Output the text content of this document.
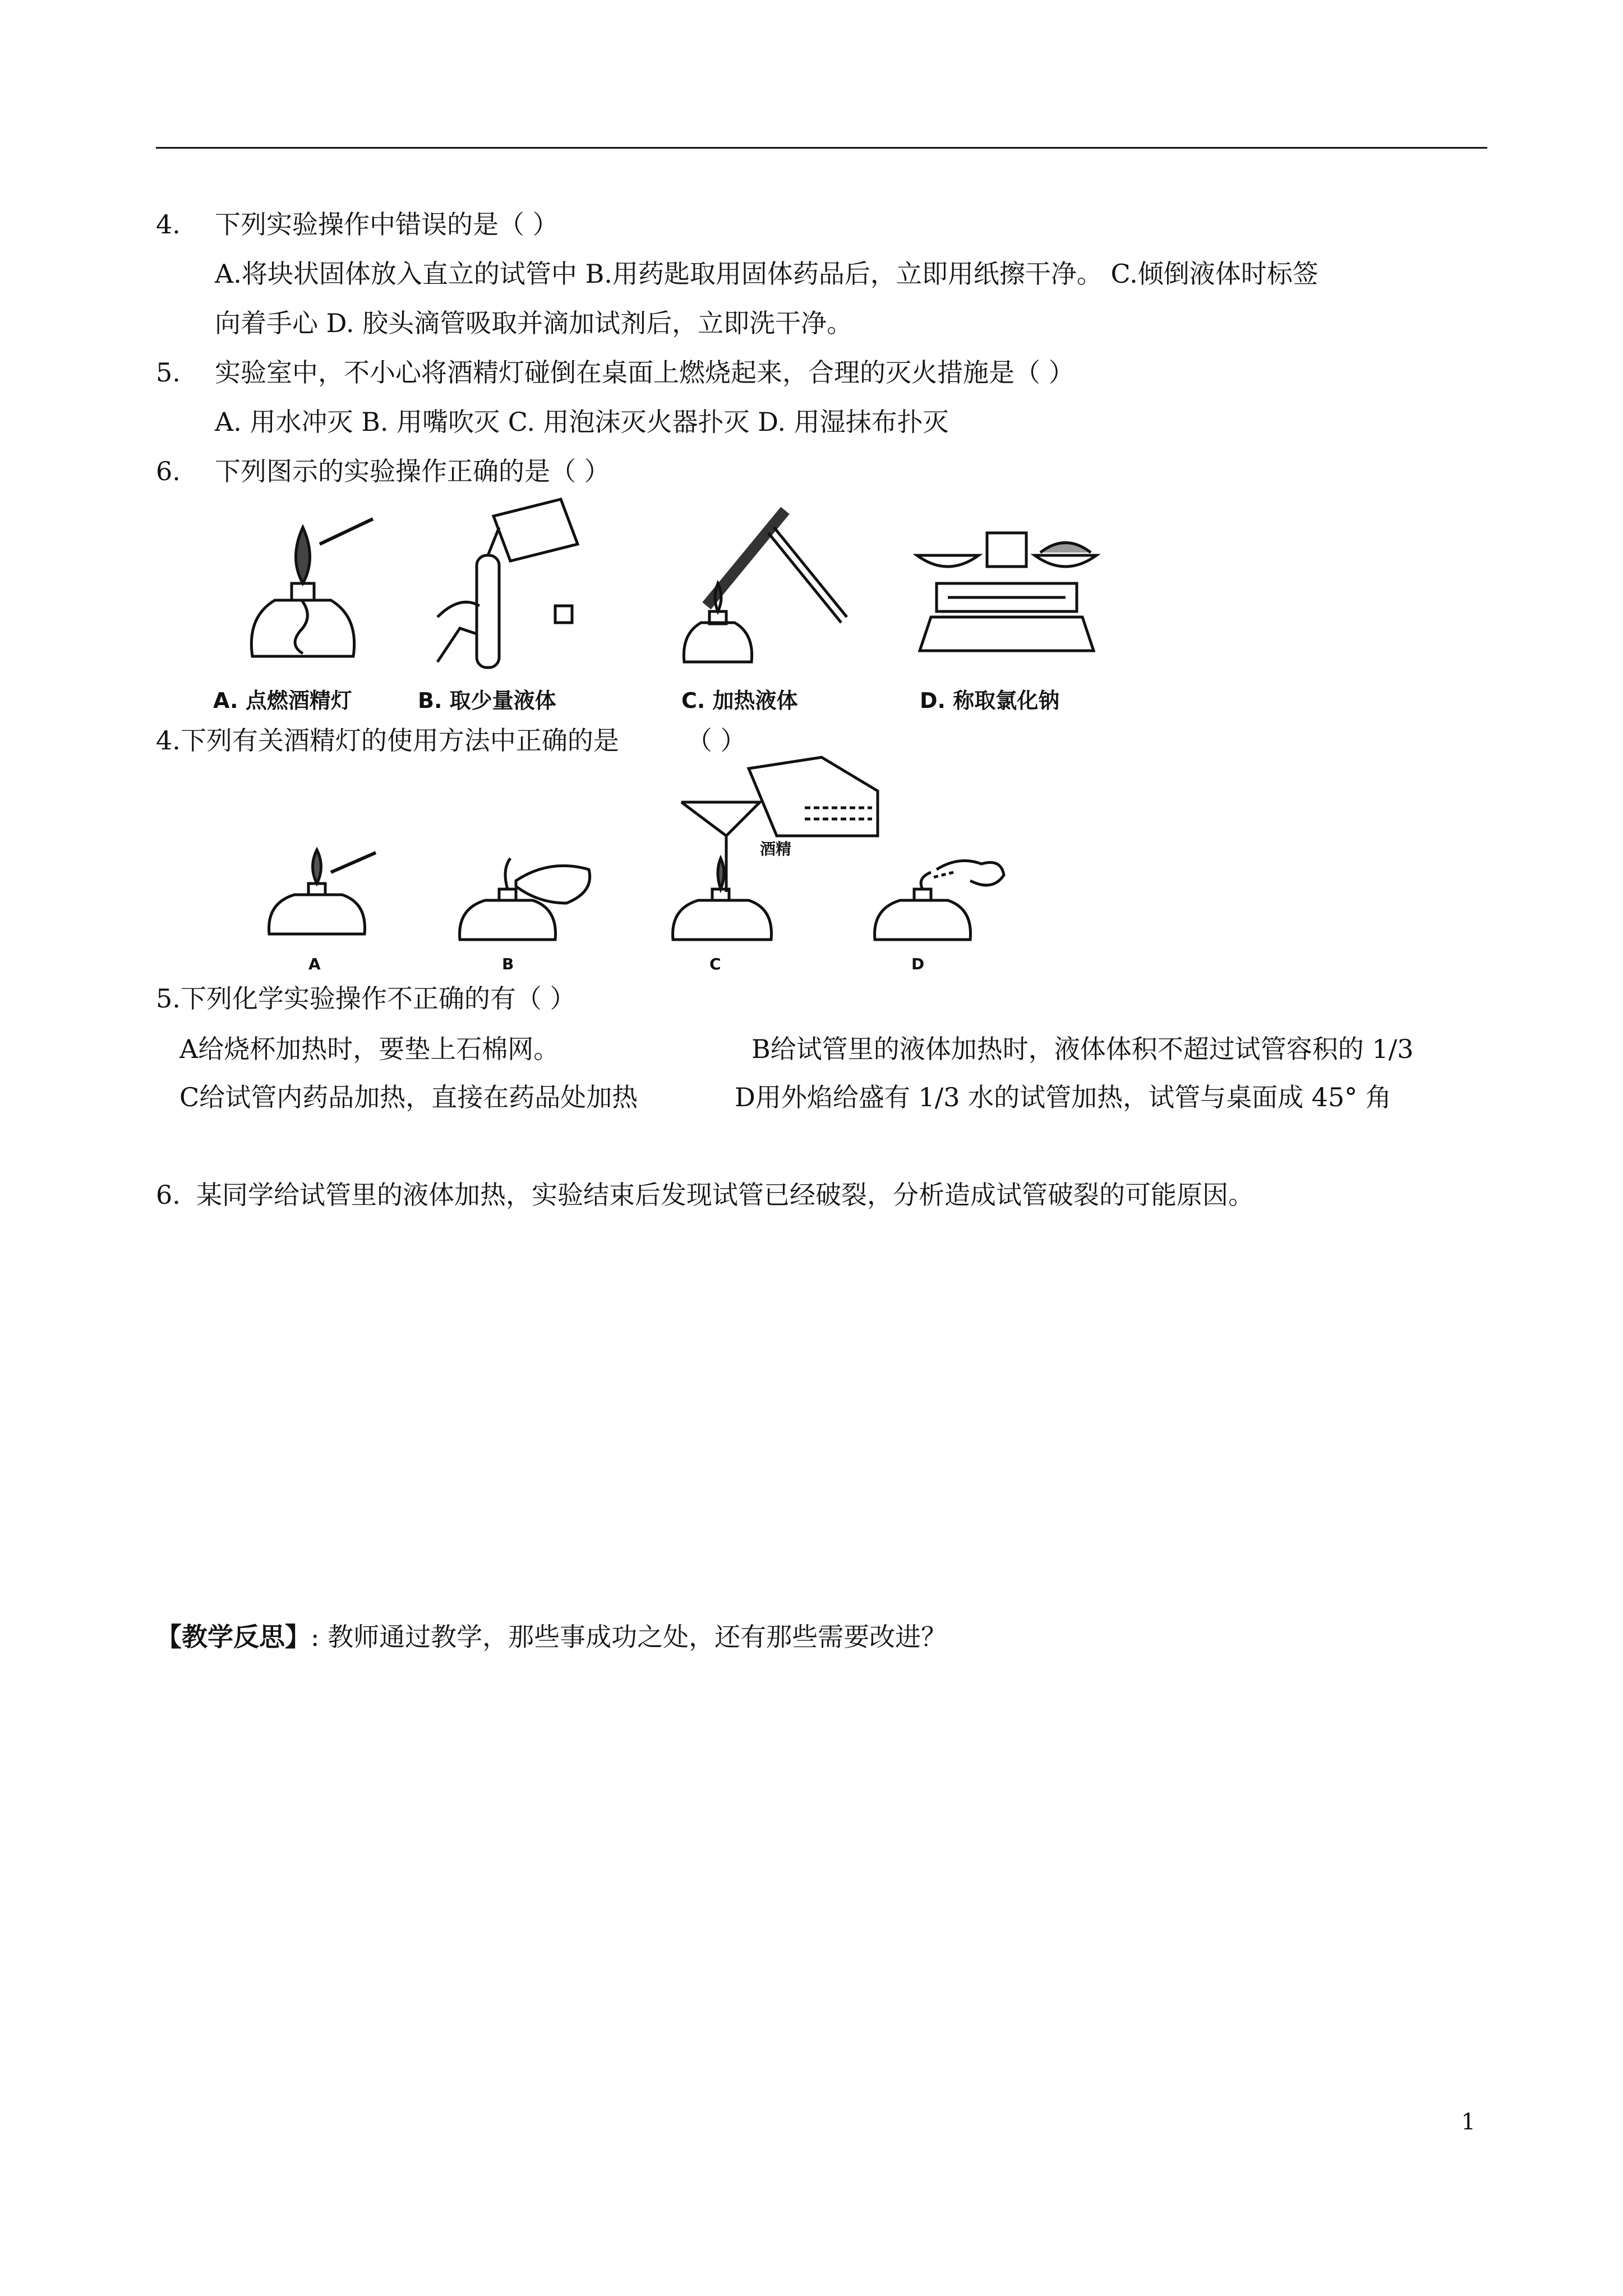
4. 下列实验操作中错误的是（ ）
A.将块状固体放入直立的试管中 B.用药匙取用固体药品后，立即用纸擦干净。 C.倾倒液体时标签
向着手心 D. 胶头滴管吸取并滴加试剂后，立即洗干净。
5. 实验室中，不小心将酒精灯碰倒在桌面上燃烧起来，合理的灭火措施是（ ）
A. 用水冲灭 B. 用嘴吹灭 C. 用泡沫灭火器扑灭 D. 用湿抹布扑灭
6. 下列图示的实验操作正确的是（ ）
A. 点燃酒精灯	B. 取少量液体	C. 加热液体	D. 称取氯化钠
4.下列有关酒精灯的使用方法中正确的是	（ ）
酒精
A	B	C	D
5.下列化学实验操作不正确的有（ ）
A给烧杯加热时，要垫上石棉网。	B给试管里的液体加热时，液体体积不超过试管容积的 1/3
C给试管内药品加热，直接在药品处加热	D用外焰给盛有 1/3 水的试管加热，试管与桌面成 45° 角
6. 某同学给试管里的液体加热，实验结束后发现试管已经破裂，分析造成试管破裂的可能原因。
【教学反思】: 教师通过教学，那些事成功之处，还有那些需要改进？
1
